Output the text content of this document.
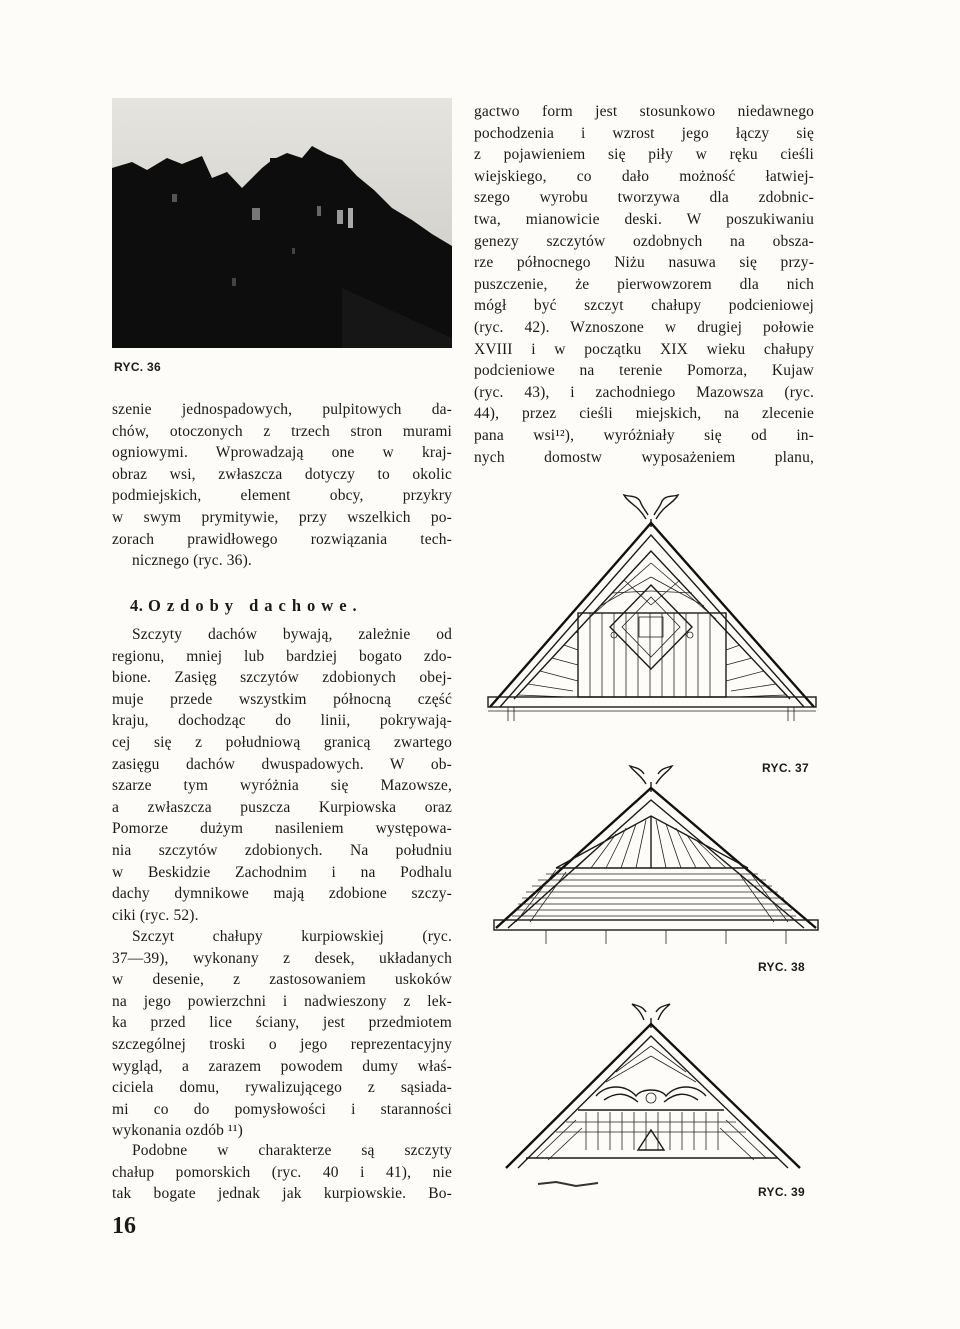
RYC. 36
szenie jednospadowych, pulpitowych da-
chów, otoczonych z trzech stron murami
ogniowymi. Wprowadzają one w kraj-
obraz wsi, zwłaszcza dotyczy to okolic
podmiejskich, element obcy, przykry
w swym prymitywie, przy wszelkich po-
zorach prawidłowego rozwiązania tech-
nicznego (ryc. 36).
gactwo form jest stosunkowo niedawnego
pochodzenia i wzrost jego łączy się
z pojawieniem się piły w ręku cieśli
wiejskiego, co dało możność łatwiej-
szego wyrobu tworzywa dla zdobnic-
twa, mianowicie deski. W poszukiwaniu
genezy szczytów ozdobnych na obsza-
rze północnego Niżu nasuwa się przy-
puszczenie, że pierwowzorem dla nich
mógł być szczyt chałupy podcieniowej
(ryc. 42). Wznoszone w drugiej połowie
XVIII i w początku XIX wieku chałupy
podcieniowe na terenie Pomorza, Kujaw
(ryc. 43), i zachodniego Mazowsza (ryc.
44), przez cieśli miejskich, na zlecenie
pana wsi¹²), wyróżniały się od in-
nych domostw wyposażeniem planu,
4. Ozdoby dachowe.
Szczyty dachów bywają, zależnie od
regionu, mniej lub bardziej bogato zdo-
bione. Zasięg szczytów zdobionych obej-
muje przede wszystkim północną część
kraju, dochodząc do linii, pokrywają-
cej się z południową granicą zwartego
zasięgu dachów dwuspadowych. W ob-
szarze tym wyróżnia się Mazowsze,
a zwłaszcza puszcza Kurpiowska oraz
Pomorze dużym nasileniem występowa-
nia szczytów zdobionych. Na południu
w Beskidzie Zachodnim i na Podhalu
dachy dymnikowe mają zdobione szczy-
ciki (ryc. 52).
Szczyt chałupy kurpiowskiej (ryc.
37—39), wykonany z desek, układanych
w desenie, z zastosowaniem uskoków
na jego powierzchni i nadwieszony z lek-
ka przed lice ściany, jest przedmiotem
szczególnej troski o jego reprezentacyjny
wygląd, a zarazem powodem dumy właś-
ciciela domu, rywalizującego z sąsiada-
mi co do pomysłowości i staranności
wykonania ozdób ¹¹)
Podobne w charakterze są szczyty
chałup pomorskich (ryc. 40 i 41), nie
tak bogate jednak jak kurpiowskie. Bo-
16
RYC. 37
RYC. 38
RYC. 39
